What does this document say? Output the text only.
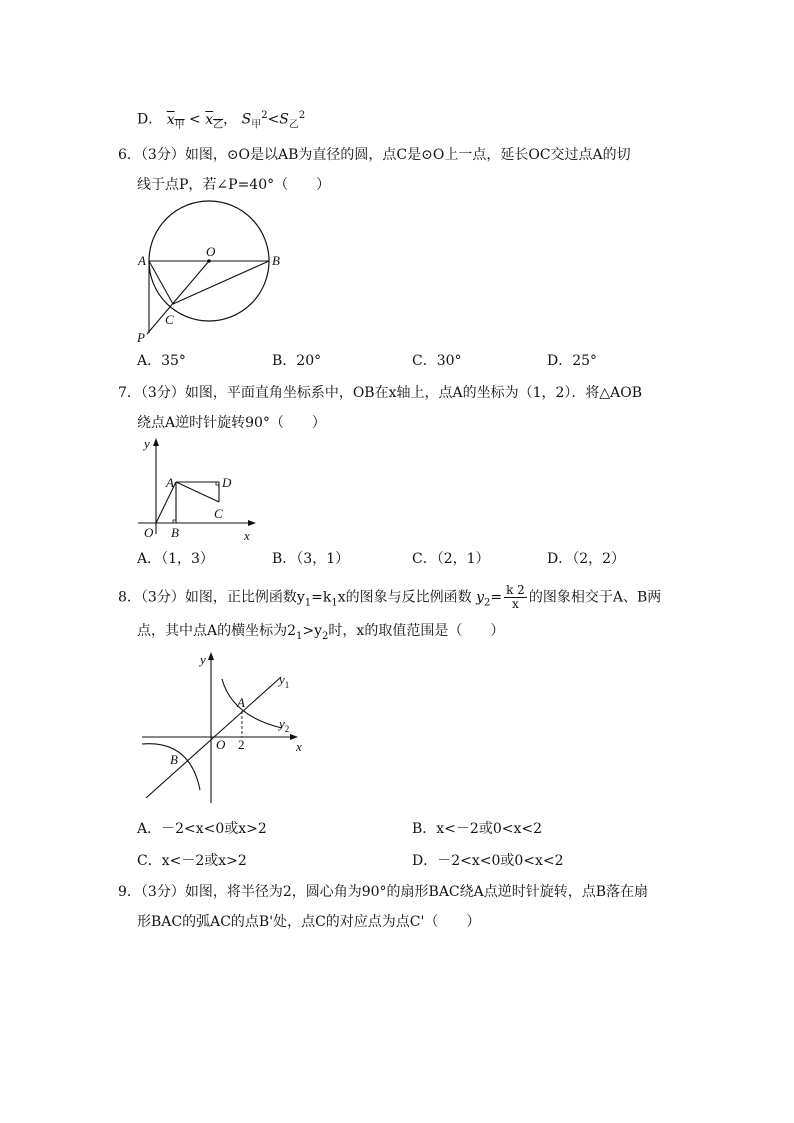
D． $x_甲 < x_乙$， $S_甲^2<S_乙^2$
6．（3分）如图，⊙O是以AB为直径的圆，点C是⊙O上一点，延长OC交过点A的切
线于点P，若∠P=40°（　　）
A	B
O
C
P
A．35°	B．20°	C．30°	D．25°
7．（3分）如图，平面直角坐标系中，OB在x轴上，点A的坐标为（1，2）．将△AOB
绕点A逆时针旋转90°（　　）
y
x
A
B
C
D
O
A．（1，3）	B．（3，1）	C．（2，1）	D．（2，2）
8．（3分）如图，正比例函数$y_1=k_1x$的图象与反比例函数 $y_2= \frac{k 2}{x}$ 的图象相交于A、B两
点，其中点A的横坐标为$2_1>y_2$时，x的取值范围是（　　）
y
x
O
A
B
2
$y_1$
$y_2$
A．－2<x<0或x>2	B．x<－2或0<x<2
C．x<－2或x>2	D．－2<x<0或0<x<2
9．（3分）如图，将半径为2，圆心角为90°的扇形BAC绕A点逆时针旋转，点B落在扇
形BAC的弧AC的点B'处，点C的对应点为点C'（　　）
